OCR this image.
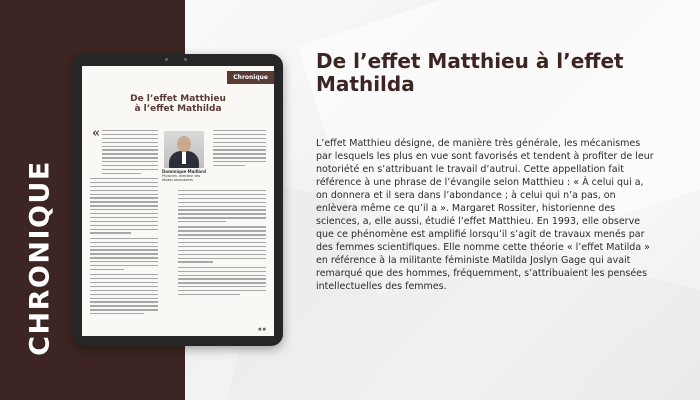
CHRONIQUE
Chronique
De l’effet Matthieu
à l’effet Mathilda
«
Dominique Maillard
Physicien, directeur des études secondaires
■ ■
De l’effet Matthieu à l’effet Mathilda
L’effet Matthieu désigne, de manière très générale, les mécanismes par lesquels les plus en vue sont favorisés et tendent à profiter de leur notoriété en s’attribuant le travail d’autrui. Cette appellation fait référence à une phrase de l’évangile selon Matthieu : « À celui qui a, on donnera et il sera dans l’abondance ; à celui qui n’a pas, on enlèvera même ce qu’il a ». Margaret Rossiter, historienne des sciences, a, elle aussi, étudié l’effet Matthieu. En 1993, elle observe que ce phénomène est amplifié lorsqu’il s’agit de travaux menés par des femmes scientifiques. Elle nomme cette théorie « l’effet Matilda » en référence à la militante féministe Matilda Joslyn Gage qui avait remarqué que des hommes, fréquemment, s’attribuaient les pensées intellectuelles des femmes.
